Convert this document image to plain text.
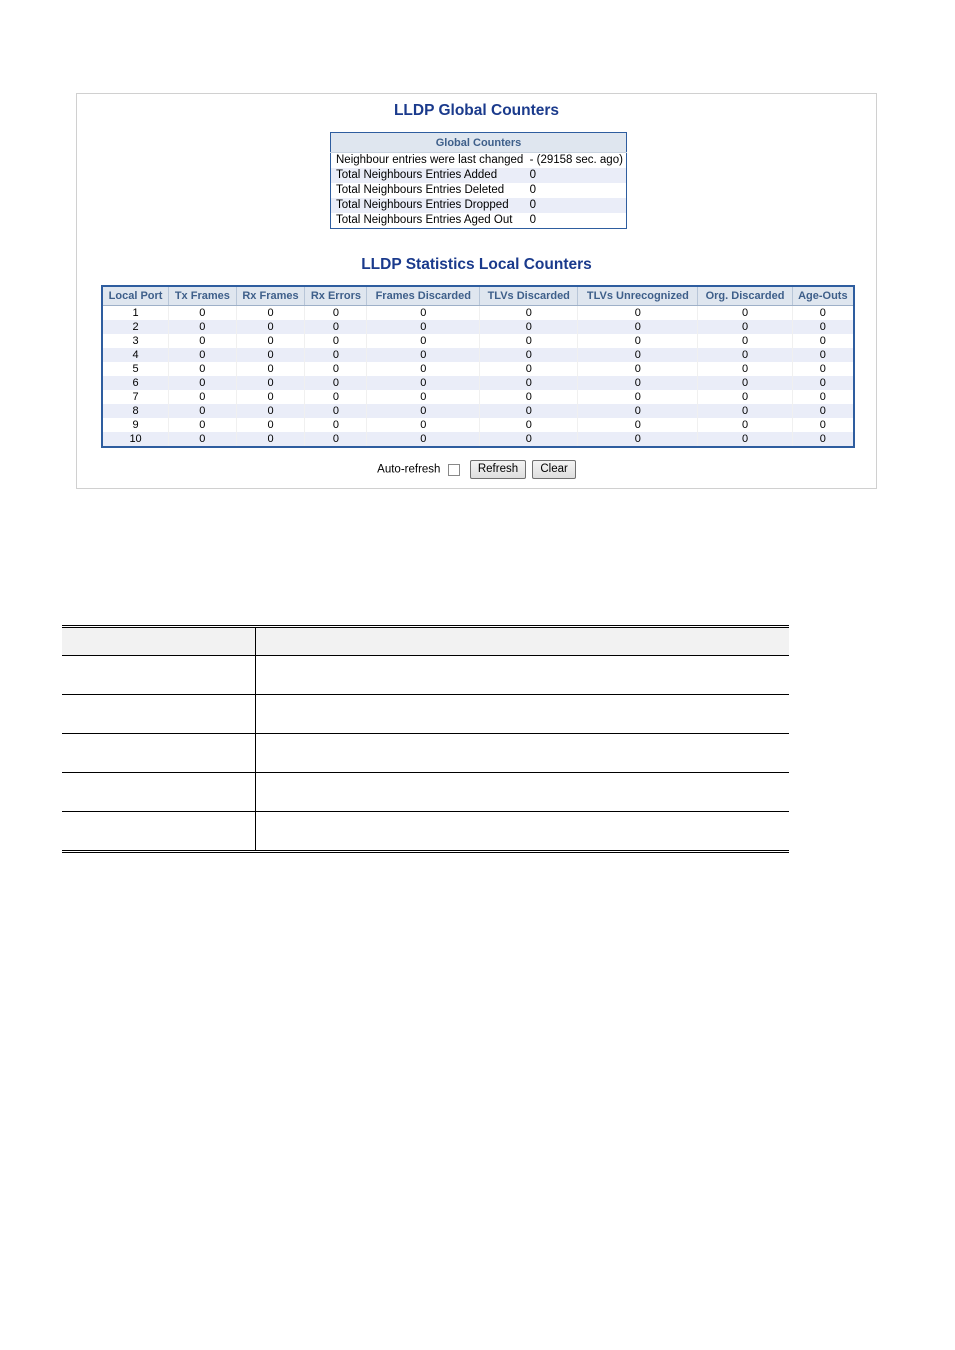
LLDP Global Counters
Global Counters	
Neighbour entries were last changed	- (29158 sec. ago)
Total Neighbours Entries Added	0
Total Neighbours Entries Deleted	0
Total Neighbours Entries Dropped	0
Total Neighbours Entries Aged Out	0
LLDP Statistics Local Counters
Local Port	Tx Frames	Rx Frames	Rx Errors	Frames Discarded	TLVs Discarded	TLVs Unrecognized	Org. Discarded	Age-Outs
1	0	0	0	0	0	0	0	0
2	0	0	0	0	0	0	0	0
3	0	0	0	0	0	0	0	0
4	0	0	0	0	0	0	0	0
5	0	0	0	0	0	0	0	0
6	0	0	0	0	0	0	0	0
7	0	0	0	0	0	0	0	0
8	0	0	0	0	0	0	0	0
9	0	0	0	0	0	0	0	0
10	0	0	0	0	0	0	0	0
Auto-refresh	Refresh Clear
